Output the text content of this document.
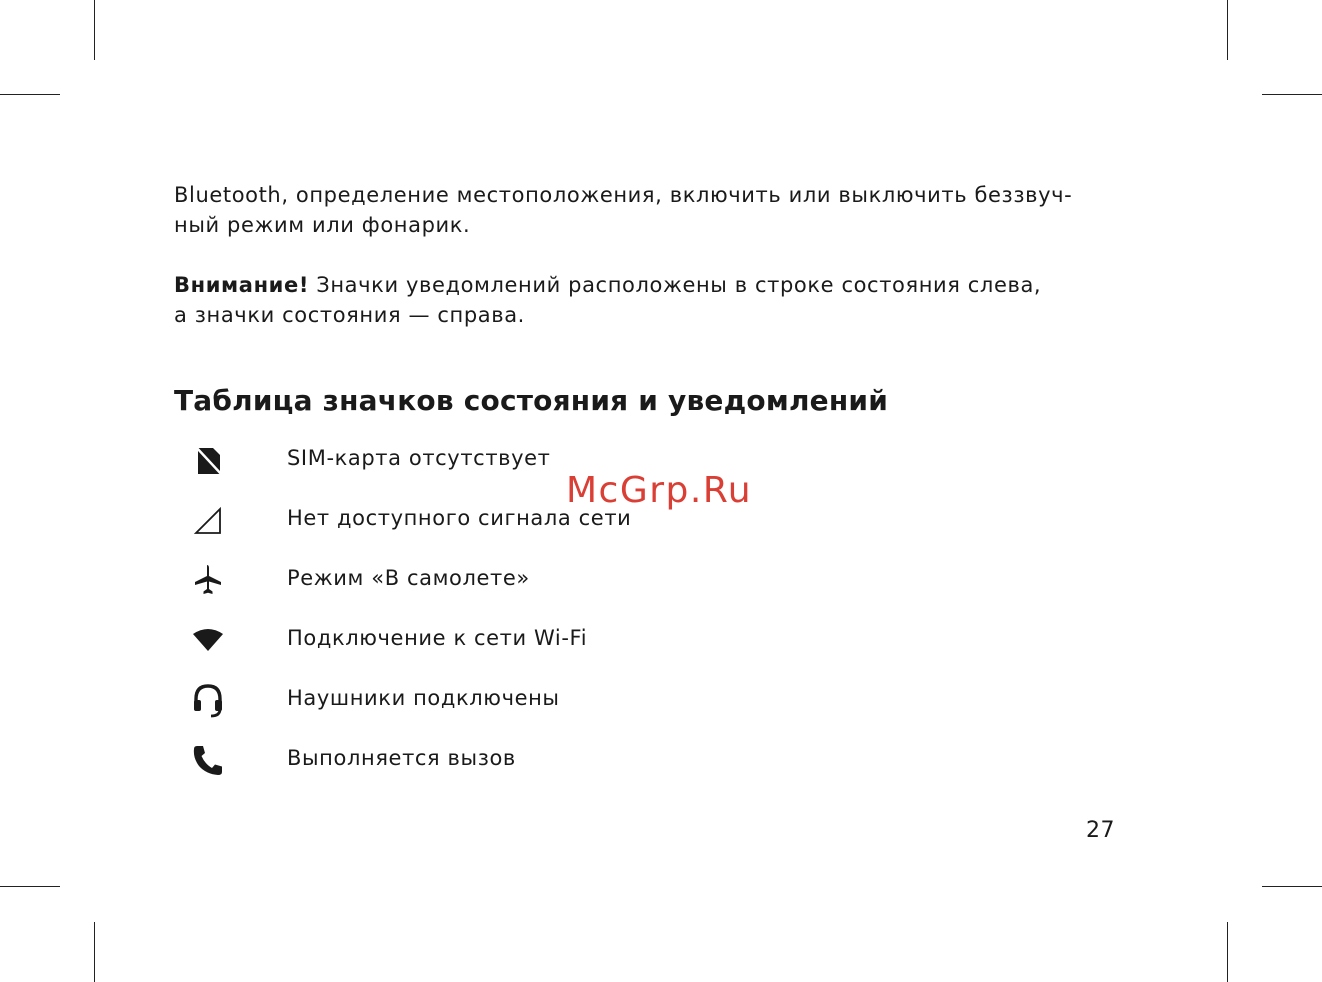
Bluetooth, определение местоположения, включить или выключить беззвуч-
ный режим или фонарик.

Внимание! Значки уведомлений расположены в строке состояния слева,
а значки состояния — справа.

Таблица значков состояния и уведомлений
SIM-карта отсутствует
Нет доступного сигнала сети
Режим «В самолете»
Подключение к сети Wi-Fi
Наушники подключены
Выполняется вызов
McGrp.Ru
27
